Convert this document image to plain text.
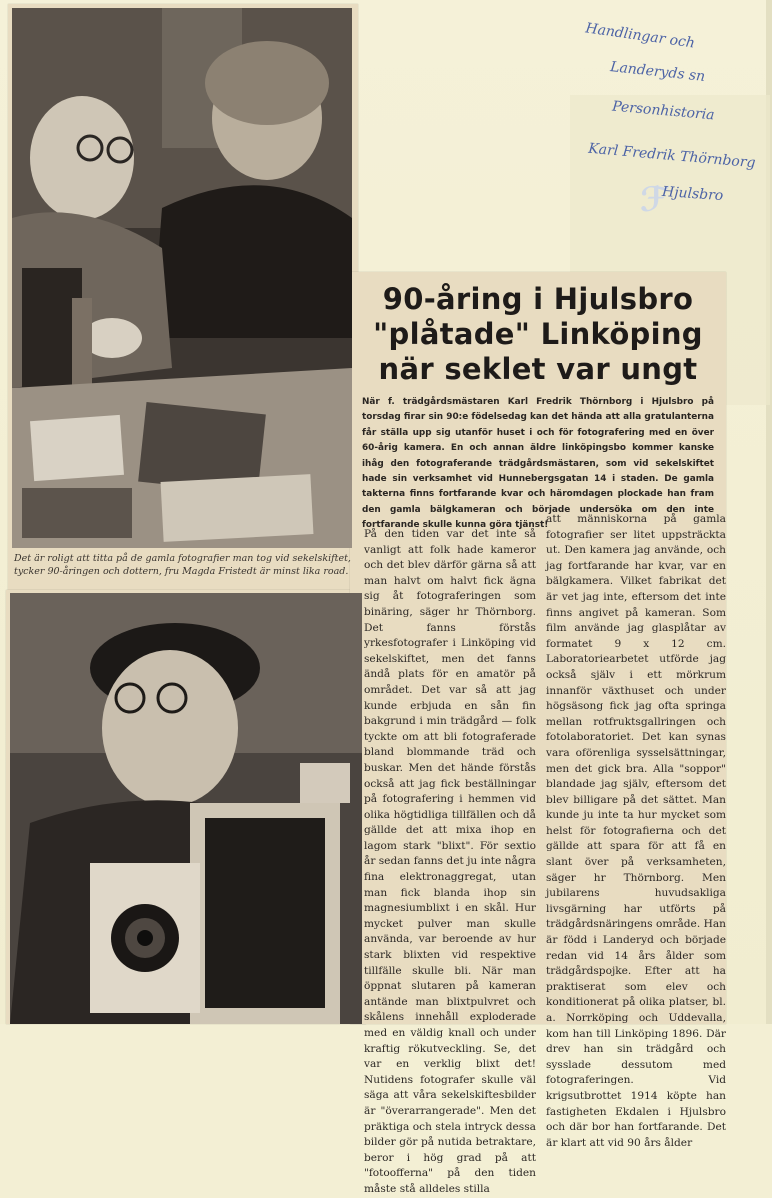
ℱ
Handlingar och
Landeryds sn
Personhistoria
Karl Fredrik Thörnborg
Hjulsbro
Det är roligt att titta på de gamla fotografier man tog vid sekelskiftet, tycker 90-åringen och dottern, fru Magda Fristedt är minst lika road.
90-åring i Hjulsbro
"plåtade" Linköping
när seklet var ungt
När f. trädgårdsmästaren Karl Fredrik Thörnborg i Hjulsbro på torsdag firar sin 90:e födelsedag kan det hända att alla gratulanterna får ställa upp sig utanför huset i och för fotografering med en över 60-årig kamera. En och annan äldre linköpingsbo kommer kanske ihåg den fotograferande trädgårdsmästaren, som vid sekelskiftet hade sin verksamhet vid Hunnebergsgatan 14 i staden. De gamla takterna finns fortfarande kvar och häromdagen plockade han fram den gamla bälgkameran och började undersöka om den inte fortfarande skulle kunna göra tjänst!
På den tiden var det inte så vanligt att folk hade kameror och det blev därför gärna så att man halvt om halvt fick ägna sig åt fotograferingen som binäring, säger hr Thörnborg. Det fanns förstås yrkesfotografer i Linköping vid sekelskiftet, men det fanns ändå plats för en amatör på området. Det var så att jag kunde erbjuda en sån fin bakgrund i min trädgård — folk tyckte om att bli fotograferade bland blommande träd och buskar. Men det hände förstås också att jag fick beställningar på fotografering i hemmen vid olika högtidliga tillfällen och då gällde det att mixa ihop en lagom stark "blixt". För sextio år sedan fanns det ju inte några fina elektronaggregat, utan man fick blanda ihop sin magnesiumblixt i en skål. Hur mycket pulver man skulle använda, var beroende av hur stark blixten vid respektive tillfälle skulle bli. När man öppnat slutaren på kameran antände man blixtpulvret och skålens innehåll exploderade med en väldig knall och under kraftig rökutveckling. Se, det var en verklig blixt det! Nutidens fotografer skulle väl säga att våra sekelskiftesbilder är "överarrangerade". Men det präktiga och stela intryck dessa bilder gör på nutida betraktare, beror i hög grad på att "fotoofferna" på den tiden måste stå alldeles stilla
att människorna på gamla fotografier ser litet uppsträckta ut. Den kamera jag använde, och jag fortfarande har kvar, var en bälgkamera. Vilket fabrikat det är vet jag inte, eftersom det inte finns angivet på kameran. Som film använde jag glasplåtar av formatet 9 x 12 cm. Laboratoriearbetet utförde jag också själv i ett mörkrum innanför växthuset och under högsäsong fick jag ofta springa mellan rotfruktsgallringen och fotolaboratoriet. Det kan synas vara oförenliga sysselsättningar, men det gick bra. Alla "soppor" blandade jag själv, eftersom det blev billigare på det sättet. Man kunde ju inte ta hur mycket som helst för fotografierna och det gällde att spara för att få en slant över på verksamheten, säger hr Thörnborg. Men jubilarens huvudsakliga livsgärning har utförts på trädgårdsnäringens område. Han är född i Landeryd och började redan vid 14 års ålder som trädgårdspojke. Efter att ha praktiserat som elev och konditionerat på olika platser, bl. a. Norrköping och Uddevalla, kom han till Linköping 1896. Där drev han sin trädgård och sysslade dessutom med fotograferingen. Vid krigsutbrottet 1914 köpte han fastigheten Ekdalen i Hjulsbro och där bor han fortfarande. Det är klart att vid 90 års ålder
